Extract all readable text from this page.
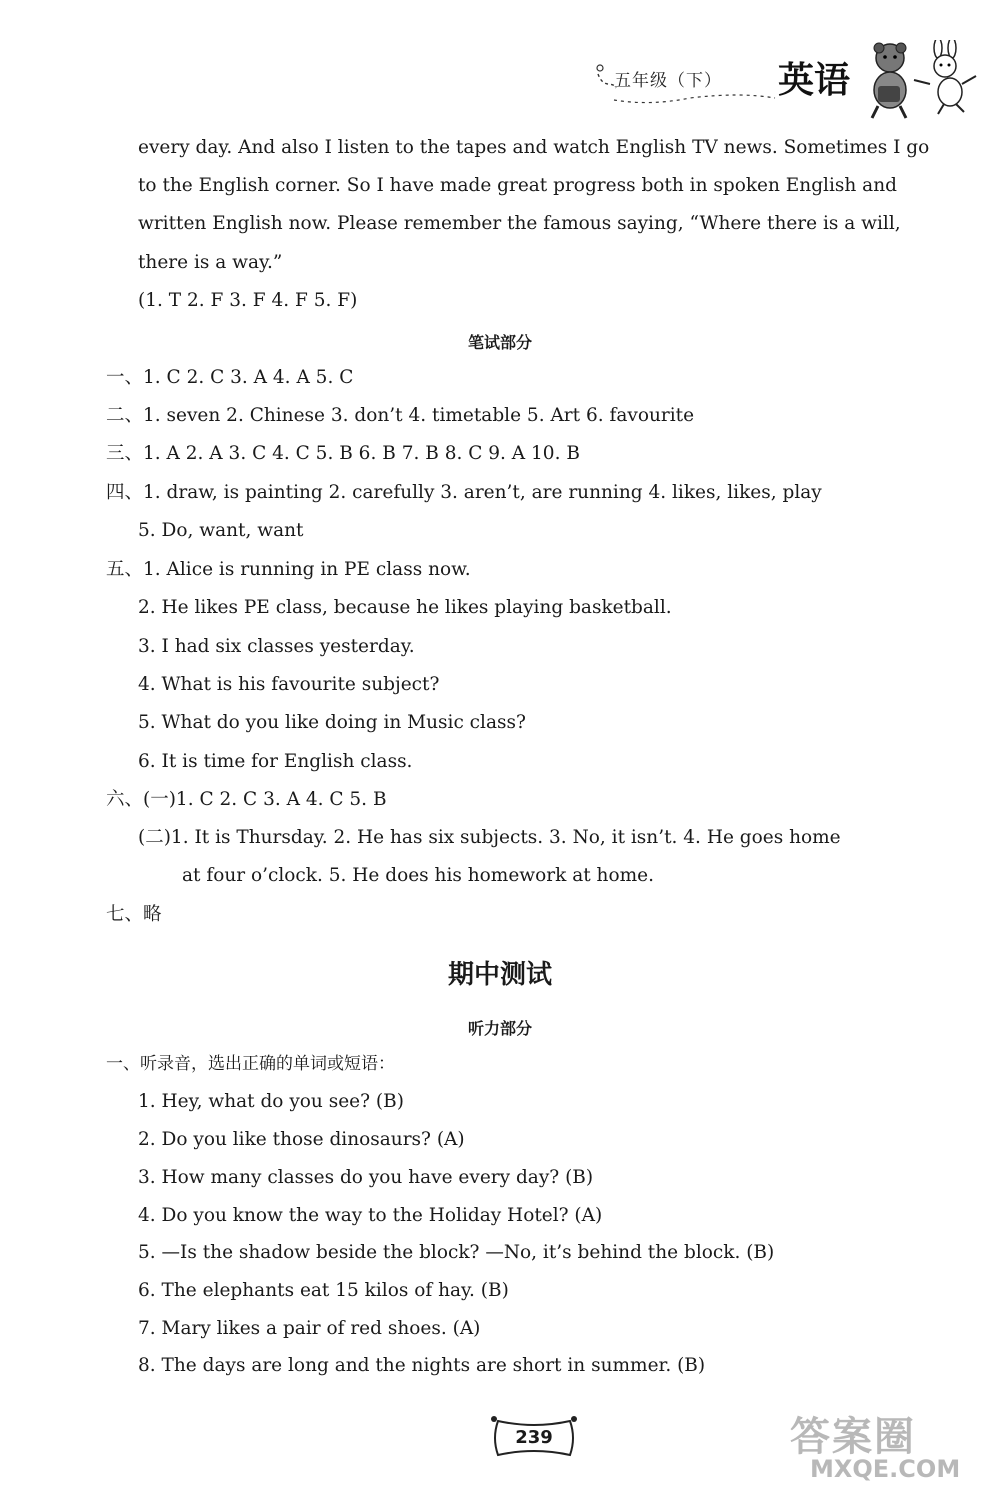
五年级（下） 英语
every day. And also I listen to the tapes and watch English TV news. Sometimes I go
to the English corner. So I have made great progress both in spoken English and
written English now. Please remember the famous saying, “Where there is a will,
there is a way.”
(1. T 2. F 3. F 4. F 5. F)
笔试部分
一、1. C 2. C 3. A 4. A 5. C
二、1. seven 2. Chinese 3. don’t 4. timetable 5. Art 6. favourite
三、1. A 2. A 3. C 4. C 5. B 6. B 7. B 8. C 9. A 10. B
四、1. draw, is painting 2. carefully 3. aren’t, are running 4. likes, likes, play
5. Do, want, want
五、1. Alice is running in PE class now.
2. He likes PE class, because he likes playing basketball.
3. I had six classes yesterday.
4. What is his favourite subject?
5. What do you like doing in Music class?
6. It is time for English class.
六、(一)1. C 2. C 3. A 4. C 5. B
(二)1. It is Thursday. 2. He has six subjects. 3. No, it isn’t. 4. He goes home
at four o’clock. 5. He does his homework at home.
七、略
期中测试
听力部分
一、听录音，选出正确的单词或短语：
1. Hey, what do you see? (B)
2. Do you like those dinosaurs? (A)
3. How many classes do you have every day? (B)
4. Do you know the way to the Holiday Hotel? (A)
5. —Is the shadow beside the block? —No, it’s behind the block. (B)
6. The elephants eat 15 kilos of hay. (B)
7. Mary likes a pair of red shoes. (A)
8. The days are long and the nights are short in summer. (B)
239	答案圈
MXQE.COM
